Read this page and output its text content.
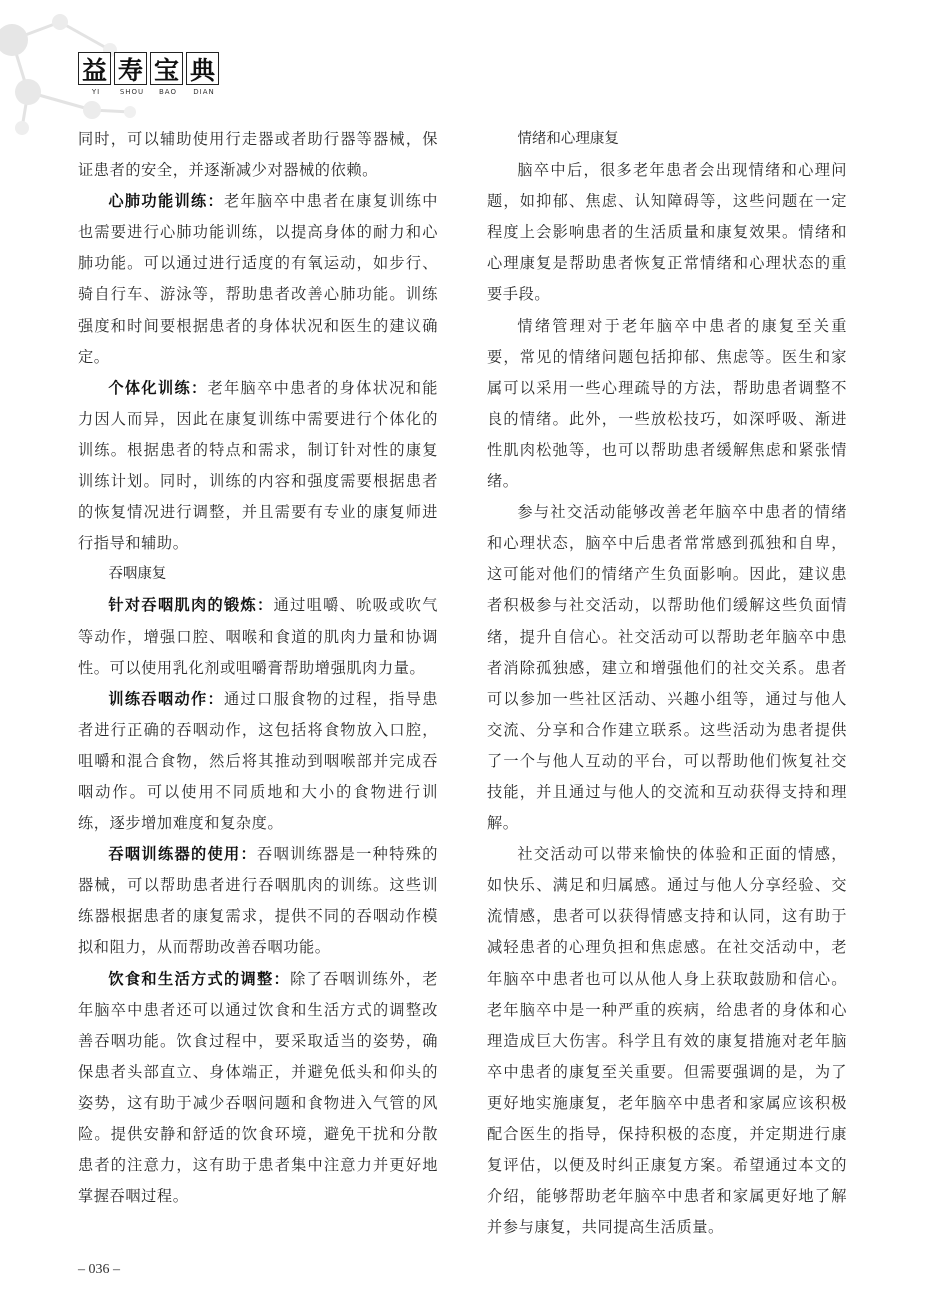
益 寿 宝 典
YI	SHOU	BAO	DIAN

同时，可以辅助使用行走器或者助行器等器械，保证患者的安全，并逐渐减少对器械的依赖。

心肺功能训练：老年脑卒中患者在康复训练中也需要进行心肺功能训练，以提高身体的耐力和心肺功能。可以通过进行适度的有氧运动，如步行、骑自行车、游泳等，帮助患者改善心肺功能。训练强度和时间要根据患者的身体状况和医生的建议确定。

个体化训练：老年脑卒中患者的身体状况和能力因人而异，因此在康复训练中需要进行个体化的训练。根据患者的特点和需求，制订针对性的康复训练计划。同时，训练的内容和强度需要根据患者的恢复情况进行调整，并且需要有专业的康复师进行指导和辅助。

吞咽康复

针对吞咽肌肉的锻炼：通过咀嚼、吮吸或吹气等动作，增强口腔、咽喉和食道的肌肉力量和协调性。可以使用乳化剂或咀嚼膏帮助增强肌肉力量。

训练吞咽动作：通过口服食物的过程，指导患者进行正确的吞咽动作，这包括将食物放入口腔，咀嚼和混合食物，然后将其推动到咽喉部并完成吞咽动作。可以使用不同质地和大小的食物进行训练，逐步增加难度和复杂度。

吞咽训练器的使用：吞咽训练器是一种特殊的器械，可以帮助患者进行吞咽肌肉的训练。这些训练器根据患者的康复需求，提供不同的吞咽动作模拟和阻力，从而帮助改善吞咽功能。

饮食和生活方式的调整：除了吞咽训练外，老年脑卒中患者还可以通过饮食和生活方式的调整改善吞咽功能。饮食过程中，要采取适当的姿势，确保患者头部直立、身体端正，并避免低头和仰头的姿势，这有助于减少吞咽问题和食物进入气管的风险。提供安静和舒适的饮食环境，避免干扰和分散患者的注意力，这有助于患者集中注意力并更好地掌握吞咽过程。

情绪和心理康复

脑卒中后，很多老年患者会出现情绪和心理问题，如抑郁、焦虑、认知障碍等，这些问题在一定程度上会影响患者的生活质量和康复效果。情绪和心理康复是帮助患者恢复正常情绪和心理状态的重要手段。

情绪管理对于老年脑卒中患者的康复至关重要，常见的情绪问题包括抑郁、焦虑等。医生和家属可以采用一些心理疏导的方法，帮助患者调整不良的情绪。此外，一些放松技巧，如深呼吸、渐进性肌肉松弛等，也可以帮助患者缓解焦虑和紧张情绪。

参与社交活动能够改善老年脑卒中患者的情绪和心理状态，脑卒中后患者常常感到孤独和自卑，这可能对他们的情绪产生负面影响。因此，建议患者积极参与社交活动，以帮助他们缓解这些负面情绪，提升自信心。社交活动可以帮助老年脑卒中患者消除孤独感，建立和增强他们的社交关系。患者可以参加一些社区活动、兴趣小组等，通过与他人交流、分享和合作建立联系。这些活动为患者提供了一个与他人互动的平台，可以帮助他们恢复社交技能，并且通过与他人的交流和互动获得支持和理解。

社交活动可以带来愉快的体验和正面的情感，如快乐、满足和归属感。通过与他人分享经验、交流情感，患者可以获得情感支持和认同，这有助于减轻患者的心理负担和焦虑感。在社交活动中，老年脑卒中患者也可以从他人身上获取鼓励和信心。老年脑卒中是一种严重的疾病，给患者的身体和心理造成巨大伤害。科学且有效的康复措施对老年脑卒中患者的康复至关重要。但需要强调的是，为了更好地实施康复，老年脑卒中患者和家属应该积极配合医生的指导，保持积极的态度，并定期进行康复评估，以便及时纠正康复方案。希望通过本文的介绍，能够帮助老年脑卒中患者和家属更好地了解并参与康复，共同提高生活质量。

– 036 –
